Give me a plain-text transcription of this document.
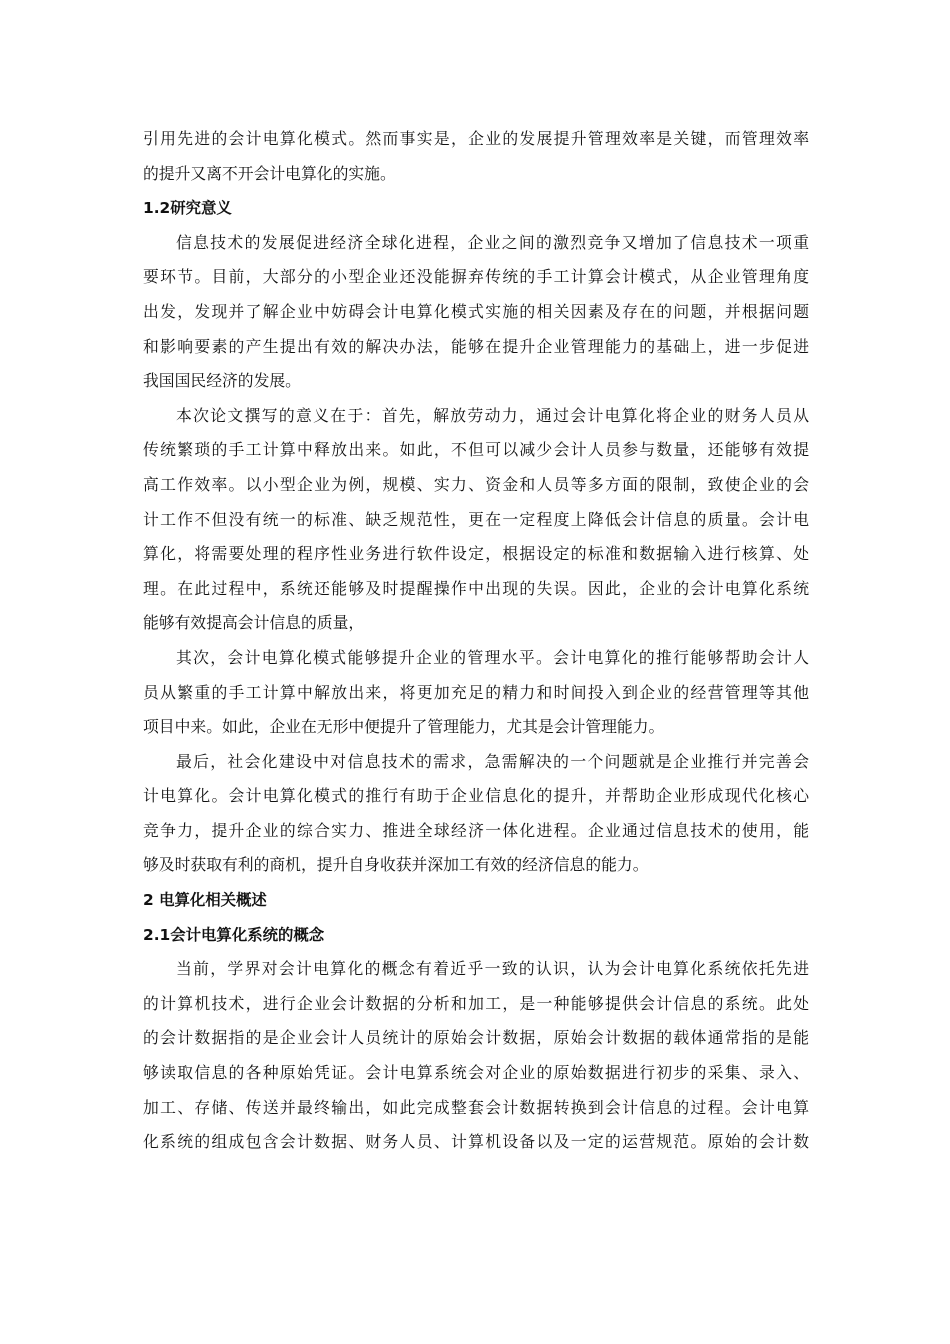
引用先进的会计电算化模式。然而事实是，企业的发展提升管理效率是关键，而管理效率
的提升又离不开会计电算化的实施。
1.2研究意义
信息技术的发展促进经济全球化进程，企业之间的激烈竞争又增加了信息技术一项重
要环节。目前，大部分的小型企业还没能摒弃传统的手工计算会计模式，从企业管理角度
出发，发现并了解企业中妨碍会计电算化模式实施的相关因素及存在的问题，并根据问题
和影响要素的产生提出有效的解决办法，能够在提升企业管理能力的基础上，进一步促进
我国国民经济的发展。
本次论文撰写的意义在于：首先，解放劳动力，通过会计电算化将企业的财务人员从
传统繁琐的手工计算中释放出来。如此，不但可以减少会计人员参与数量，还能够有效提
高工作效率。以小型企业为例，规模、实力、资金和人员等多方面的限制，致使企业的会
计工作不但没有统一的标准、缺乏规范性，更在一定程度上降低会计信息的质量。会计电
算化，将需要处理的程序性业务进行软件设定，根据设定的标准和数据输入进行核算、处
理。在此过程中，系统还能够及时提醒操作中出现的失误。因此，企业的会计电算化系统
能够有效提高会计信息的质量，
其次，会计电算化模式能够提升企业的管理水平。会计电算化的推行能够帮助会计人
员从繁重的手工计算中解放出来，将更加充足的精力和时间投入到企业的经营管理等其他
项目中来。如此，企业在无形中便提升了管理能力，尤其是会计管理能力。
最后，社会化建设中对信息技术的需求，急需解决的一个问题就是企业推行并完善会
计电算化。会计电算化模式的推行有助于企业信息化的提升，并帮助企业形成现代化核心
竞争力，提升企业的综合实力、推进全球经济一体化进程。企业通过信息技术的使用，能
够及时获取有利的商机，提升自身收获并深加工有效的经济信息的能力。
2 电算化相关概述
2.1会计电算化系统的概念
当前，学界对会计电算化的概念有着近乎一致的认识，认为会计电算化系统依托先进
的计算机技术，进行企业会计数据的分析和加工，是一种能够提供会计信息的系统。此处
的会计数据指的是企业会计人员统计的原始会计数据，原始会计数据的载体通常指的是能
够读取信息的各种原始凭证。会计电算系统会对企业的原始数据进行初步的采集、录入、
加工、存储、传送并最终输出，如此完成整套会计数据转换到会计信息的过程。会计电算
化系统的组成包含会计数据、财务人员、计算机设备以及一定的运营规范。原始的会计数
